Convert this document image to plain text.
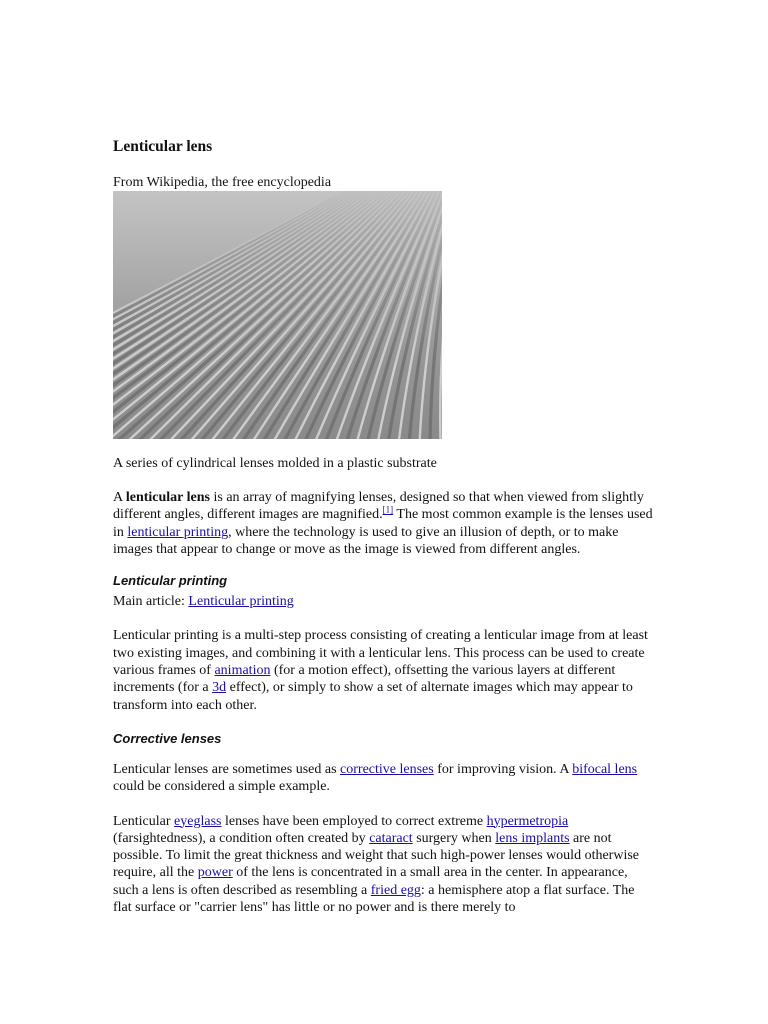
Lenticular lens
From Wikipedia, the free encyclopedia
A series of cylindrical lenses molded in a plastic substrate

A lenticular lens is an array of magnifying lenses, designed so that when viewed from slightly different angles, different images are magnified.[1] The most common example is the lenses used in lenticular printing, where the technology is used to give an illusion of depth, or to make images that appear to change or move as the image is viewed from different angles.

Lenticular printing

Main article: Lenticular printing

Lenticular printing is a multi-step process consisting of creating a lenticular image from at least two existing images, and combining it with a lenticular lens. This process can be used to create various frames of animation (for a motion effect), offsetting the various layers at different increments (for a 3d effect), or simply to show a set of alternate images which may appear to transform into each other.

Corrective lenses

Lenticular lenses are sometimes used as corrective lenses for improving vision. A bifocal lens could be considered a simple example.

Lenticular eyeglass lenses have been employed to correct extreme hypermetropia (farsightedness), a condition often created by cataract surgery when lens implants are not possible. To limit the great thickness and weight that such high-power lenses would otherwise require, all the power of the lens is concentrated in a small area in the center. In appearance, such a lens is often described as resembling a fried egg: a hemisphere atop a flat surface. The flat surface or "carrier lens" has little or no power and is there merely to
